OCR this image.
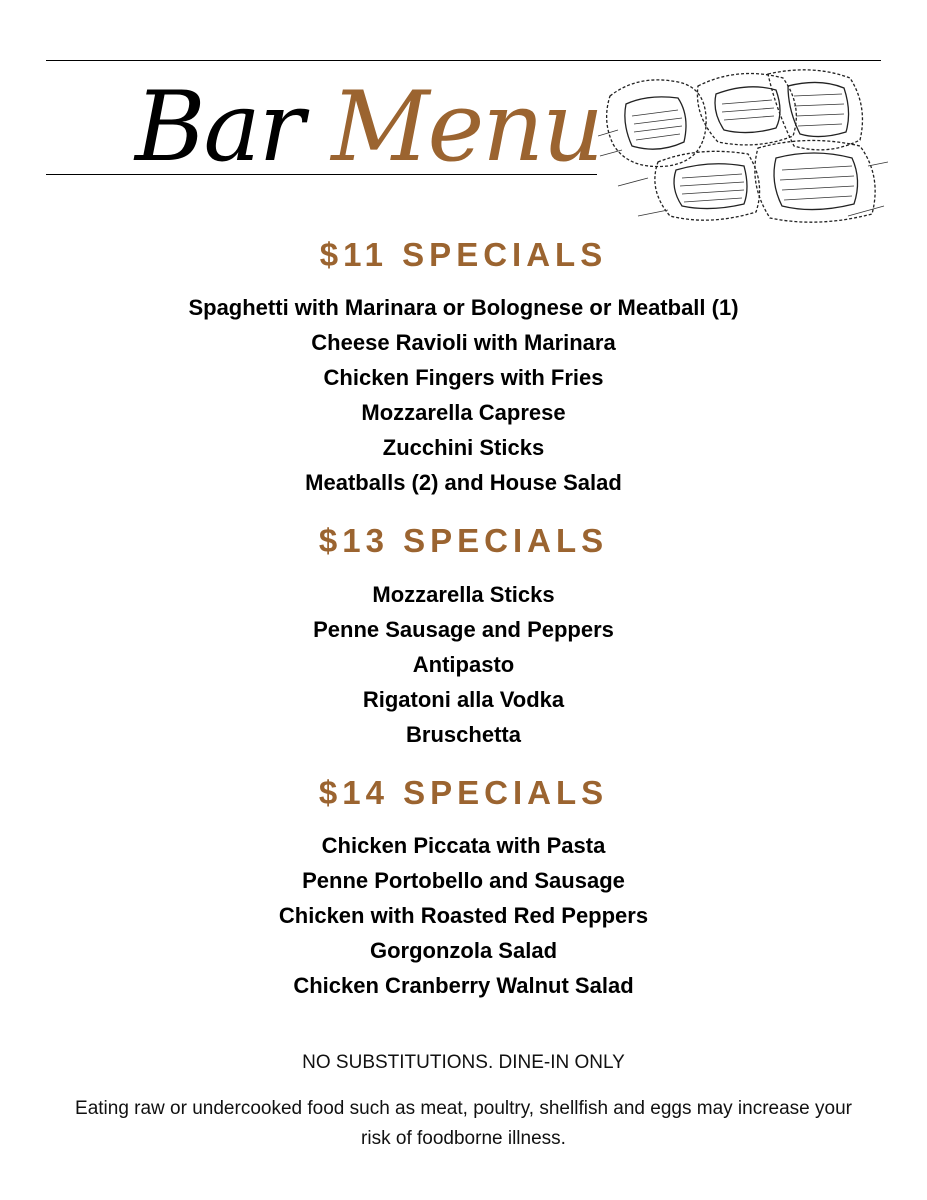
Bar Menu
$11 SPECIALS
Spaghetti with Marinara or Bolognese or Meatball (1)
Cheese Ravioli with Marinara
Chicken Fingers with Fries
Mozzarella Caprese
Zucchini Sticks
Meatballs (2) and House Salad
$13 SPECIALS
Mozzarella Sticks
Penne Sausage and Peppers
Antipasto
Rigatoni alla Vodka
Bruschetta
$14 SPECIALS
Chicken Piccata with Pasta
Penne Portobello and Sausage
Chicken with Roasted Red Peppers
Gorgonzola Salad
Chicken Cranberry Walnut Salad
NO SUBSTITUTIONS. DINE-IN ONLY
Eating raw or undercooked food such as meat, poultry, shellfish and eggs may increase your risk of foodborne illness.
